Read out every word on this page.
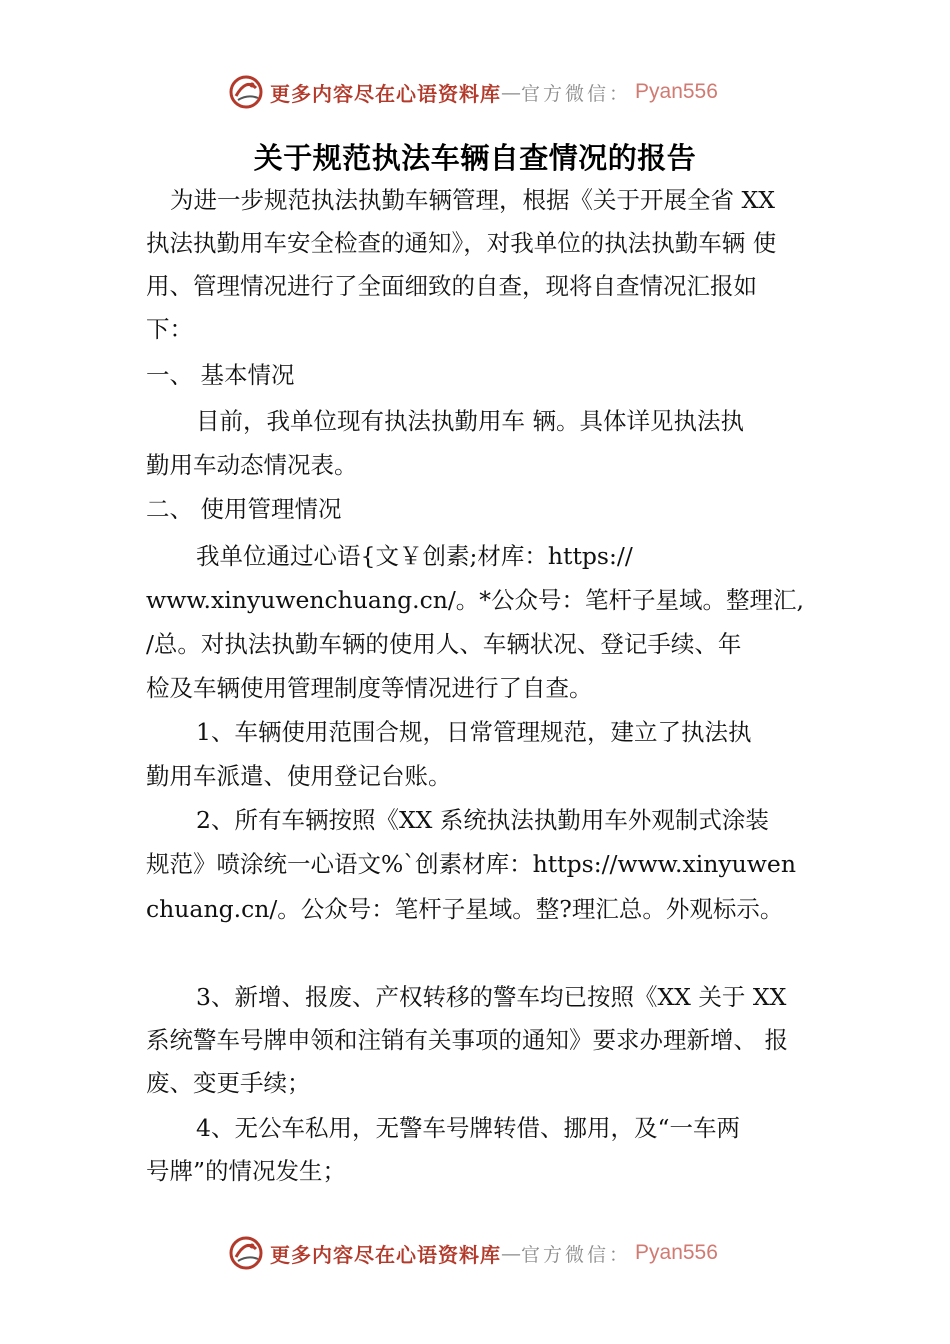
更多内容尽在心语资料库 — 官方微信： Pyan556
关于规范执法车辆自查情况的报告
为进一步规范执法执勤车辆管理，根据《关于开展全省 XX
执法执勤用车安全检查的通知》，对我单位的执法执勤车辆 使
用、管理情况进行了全面细致的自查，现将自查情况汇报如
下：
一、 基本情况
目前，我单位现有执法执勤用车 辆。具体详见执法执
勤用车动态情况表。
二、 使用管理情况
我单位通过心语{文￥创素;材库：https://
www.xinyuwenchuang.cn/。*公众号：笔杆子星域。整理汇,
/总。对执法执勤车辆的使用人、车辆状况、登记手续、年
检及车辆使用管理制度等情况进行了自查。
1、车辆使用范围合规，日常管理规范，建立了执法执
勤用车派遣、使用登记台账。
2、所有车辆按照《XX 系统执法执勤用车外观制式涂装
规范》喷涂统一心语文%`创素材库：https://www.xinyuwen
chuang.cn/。公众号：笔杆子星域。整?理汇总。外观标示。
3、新增、报废、产权转移的警车均已按照《XX 关于 XX
系统警车号牌申领和注销有关事项的通知》要求办理新增、 报
废、变更手续；
4、无公车私用，无警车号牌转借、挪用，及“一车两
号牌”的情况发生；
更多内容尽在心语资料库 — 官方微信： Pyan556
